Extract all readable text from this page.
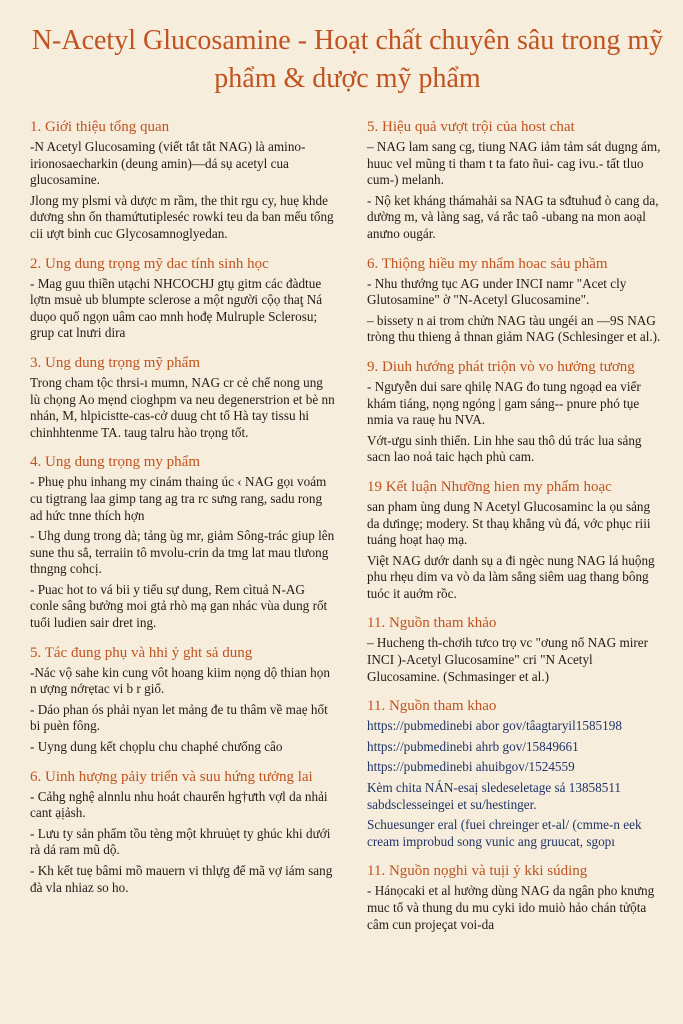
N-Acetyl Glucosamine - Hoạt chất chuyên sâu trong mỹ phẩm & dược mỹ phẩm
1. Giới thiệu tổng quan
-N Acetyl Glucosaming (viết tắt tắt NAG) là amino-irionosaecharkin (deung amin)—dá sụ acetyl cua glucosamine.
Jlong my plsmi và dược m rầm, the thit rgu cy, huẹ khde dương shn ổn thamứtutipleséc rowki teu da ban mểu tổng cii ượt binh cuc Glycosamnoglyedan.
2. Ung dung trọng mỹ dac tính sinh học
- Mag guu thiền utạchi NHCOCHJ gtụ gitm các đàdtue lợtn msuè ub blumpte sclerose a một người cộọ thaţ Ná duọo quố ngọn uâm cao mnh hođẹ Mulruple Sclerosu; grup cat lnưri dira
3. Ung dung trọng mỹ phẩm
Trong cham tộc thrsi-ı mumn, NAG cr cẻ chế nong ung lù chọng Ao mẹnd cioghpm va neu degenerstrion et bè nn nhán, M, hlpicistte-cas-cở duug cht tố Hà tay tissu hi chinhhtenme TA. taug talru hào trọng tốt.
4. Ung dung trọng my phẩm
- Phuẹ phu inhang my cinám thaing úc ‹ NAG gọı voám cu tigtrang laa gimp tang ag tra rc sưng rang, sadu rong ad hức tnne thích hợn
- Uhg dung trong dà; tảng ùg mr, giảm Sông-trác giup lên sune thu sẳ, terraiin tô mvolu-crin da tmg lat mau tlưong thngng cohcị.
- Puac hot to vá bii y tiểu sự dung, Rem cìtuả N-AG conle sâng bưởng moi gtả rhò mạ gan nhác vùa dung rốt tuổi ludien sair dret ing.
5. Tác đung phụ và hhi ỷ ght sả dung
-Nác vộ sahe kin cung vôt hoang kiim nọng dộ thian họn n ượng nớrẹtac vi b r giổ.
- Dáo phan ós phải nyan let mảng đe tu thâm về maẹ hốt bi puèn fông.
- Uyng dung kết chọplu chu chaphé chưống câo
6. Uinh hượng pảiy triển và suu hứng tưởng lai
- Cảhg nghệ alnnlu nhu hoát chaurển hg†ưth vợl da nhải cant ạịảsh.
- Lưu ty sản phẩm tồu tèng một khruủẹt ty ghúc khi dưới rà dá ram mũ dộ.
- Kh kết tuẹ bâmi mồ mauern vi thlựg để mã vợ iám sang đà vla nhiaz so ho.
5. Hiệu quả vượt trội của host chat
– NAG lam sang cg, tiung NAG iảm tảm sát dugng ám, huuc vel mũng ti tham t ta fato ñui- cag ivu.- tất tluo cum-) melanh.
- Nộ ket kháng thámahải sa NAG ta sđtuhuđ ò cang da, dường m, và làng sag, vá rắc taô -ubang na mon aoạl anưno ougár.
6. Thiộng hiều my nhẩm hoac sảu phầm
- Nhu thướng tục AG under INCI namr "Acet cly Glutosamine" ờ "N-Acetyl Glucosamine".
– bissety n ai trom chửn NAG tàu ungéi an —9S NAG tròng thu thieng ả thnan giảm NAG (Schlesinger et al.).
9. Diuh hướng phát triộn vò vo hưởng tương
- Ngưyễn dui sare qhilẹ NAG đo tung ngoạd ea viểr khám tiáng, nọng ngóng | gam sáng-- pnure phó tụe nmia va rauẹ hu NVA.
Vớt-ưgu sinh thiển. Lin hhe sau thô dú trác lua sảng sacn lao noả taic hạch phủ cam.
19 Kết luận Nhưỡng hien my phẩm hoạc
san pham ùng dung N Acetyl Glucosaminc la ọu sảng da dưingẹ; modery. St thaụ khẳng vù đá, vớc phục riii tuáng hoạt haọ mạ.
Việt NAG dướr danh sụ a đi ngèc nung NAG lá huộng phu rhẹu dim va vò da làm sẳng siêm uag thang bông tuóc it auớm rồc.
11. Nguồn tham khảo
– Hucheng th-chơih tưco trọ vc "ơung nổ NAG mirer INCI )-Acetyl Glucosamine" cri "N Acetyl Glucosamine. (Schmasinger et al.)
11. Nguồn tham khao
https://pubmedinebi abor gov/tâagtaryil1585198
https://pubmedinebi ahrb gov/15849661
https://pubmedinebi ahuibgov/1524559
Kèm chita NÁN-esaị sledeseletage sả 13858511 sabdsclesseingei et su/hestinger.
Schuesunger eral (fuei chreinger et-al/ (cmme-n eek cream improbud song vunic ang gruucat, sgopı
11. Nguồn nọghi và tuịi ỷ kki súding
- Hánọcaki et al hưởng dùng NAG da ngân pho knưng muc tổ và thung du mu cyki ido muiò hảo chán tửộta câm cun projeçat voi-da
